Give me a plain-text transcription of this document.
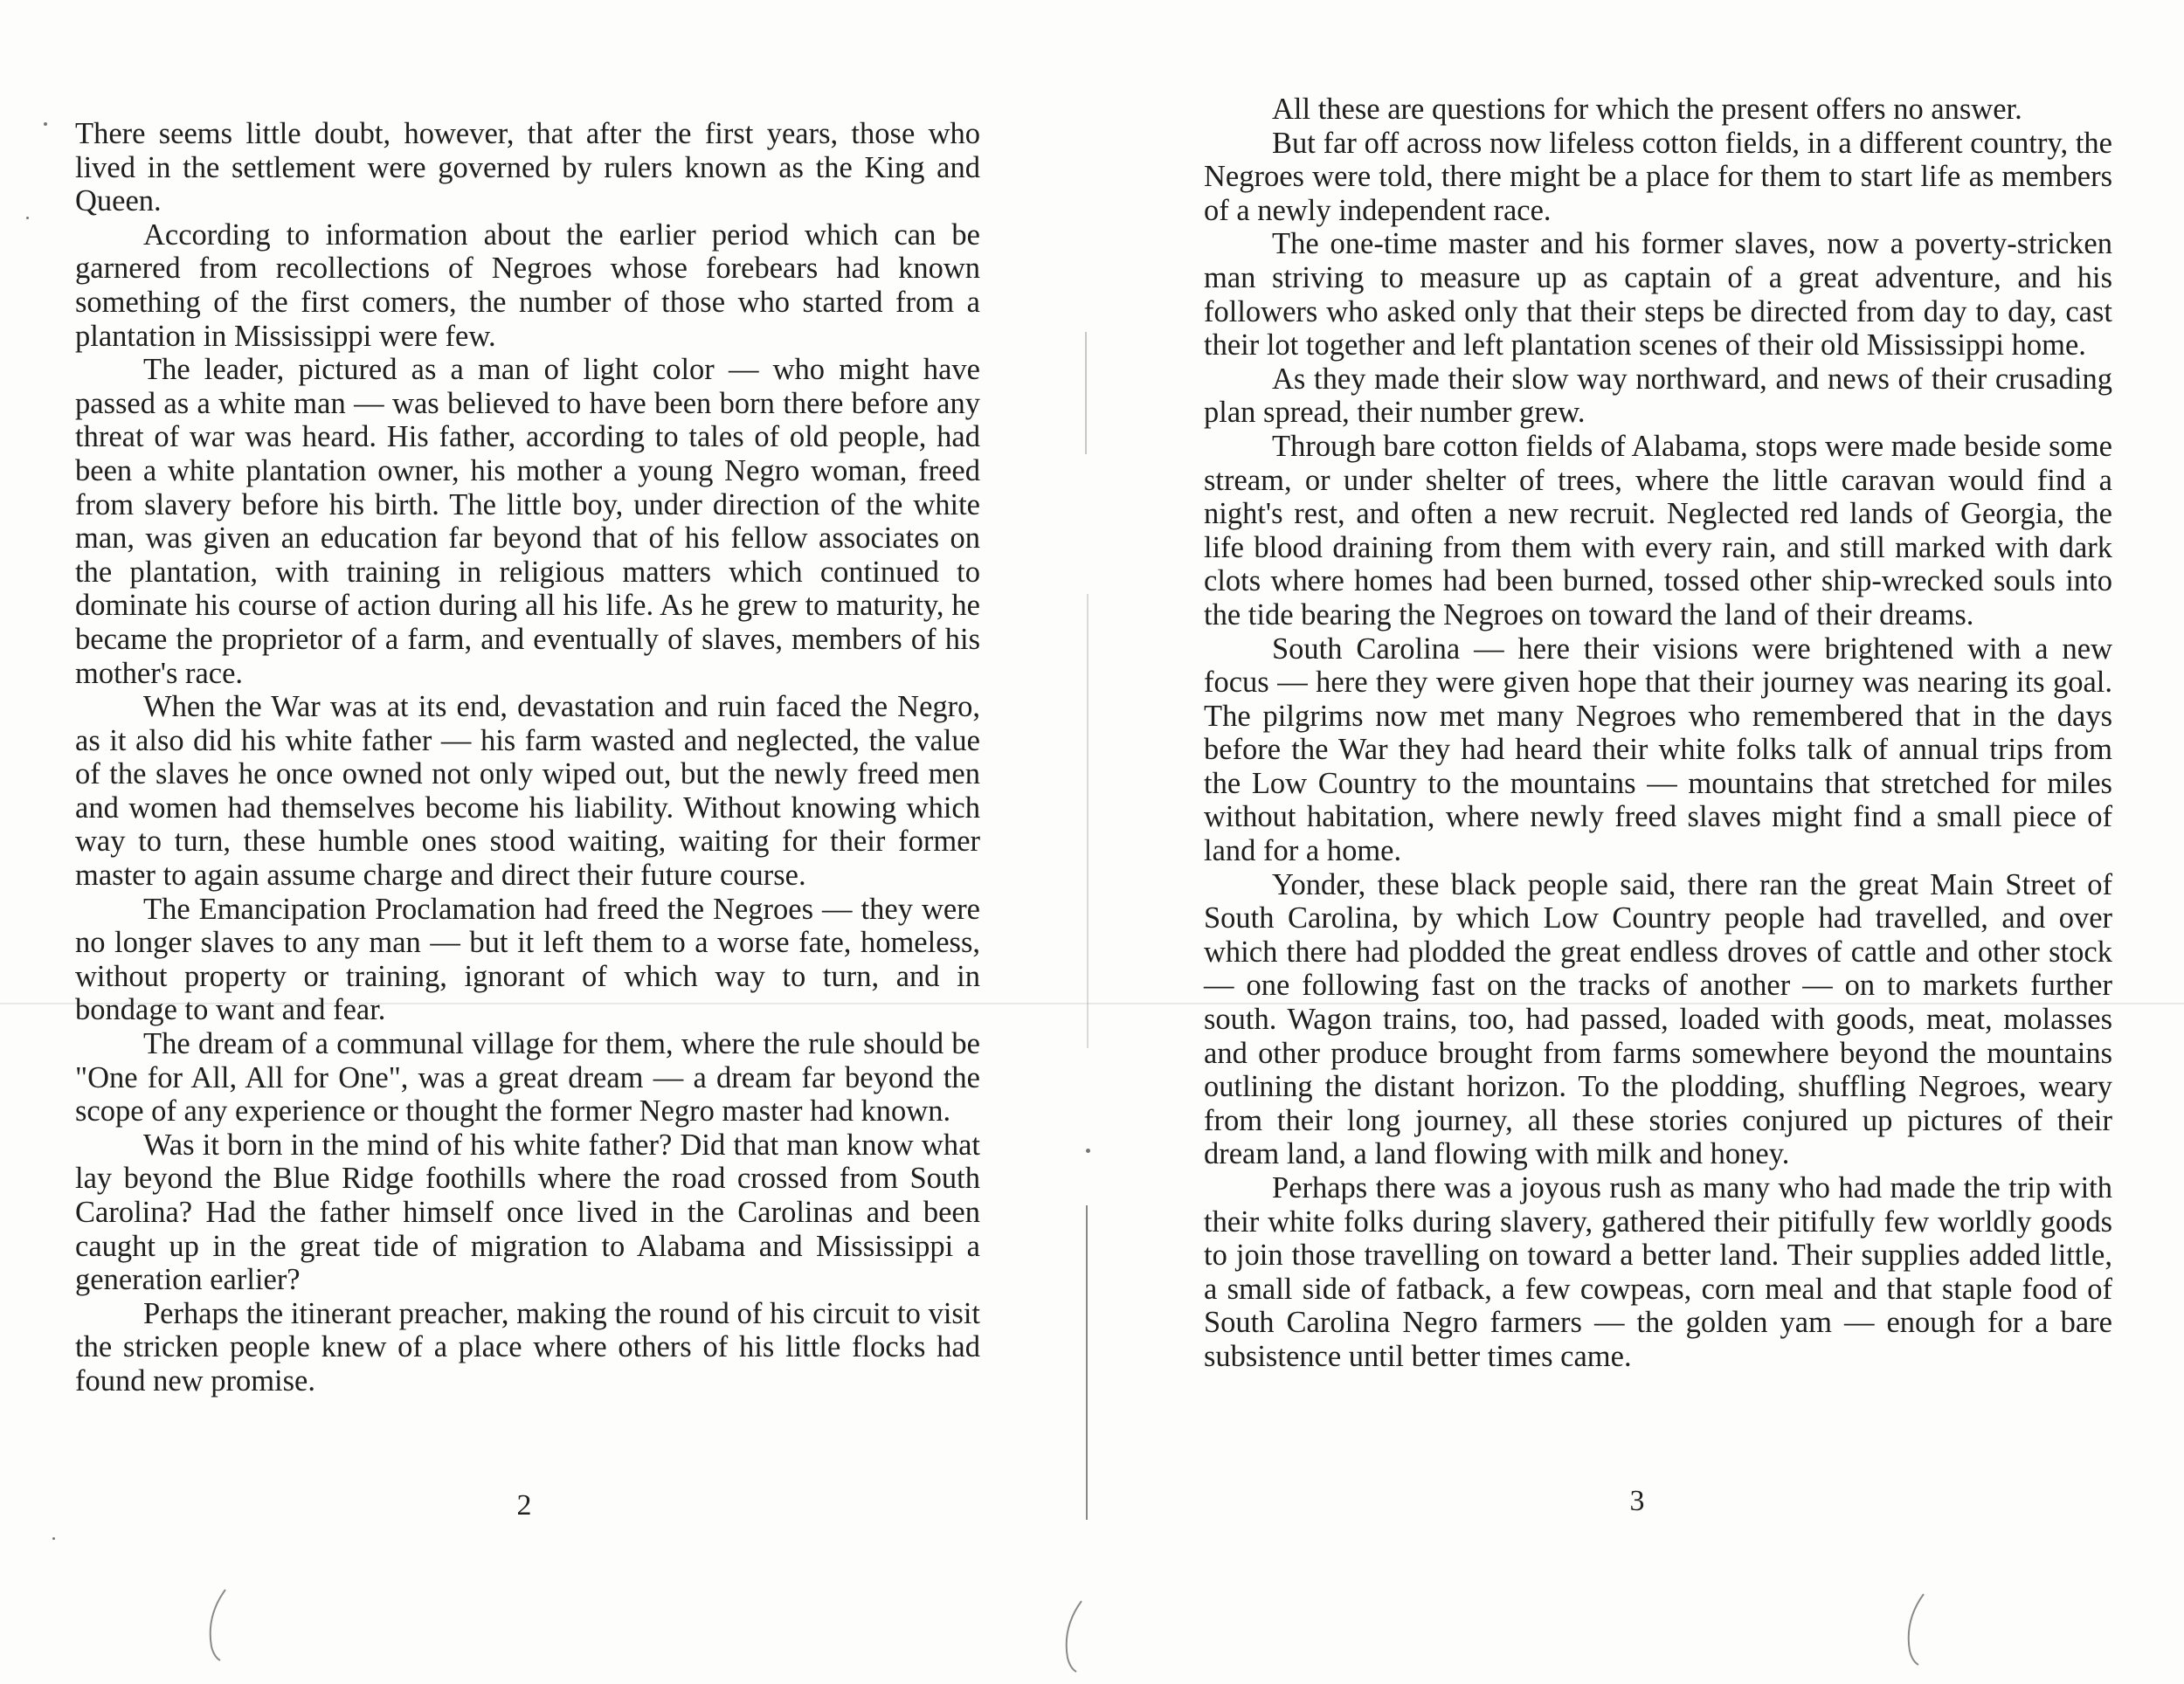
There seems little doubt, however, that after the first years, those who lived in the settlement were governed by rulers known as the King and Queen.

According to information about the earlier period which can be garnered from recollections of Negroes whose forebears had known something of the first comers, the number of those who started from a plantation in Mississippi were few.

The leader, pictured as a man of light color — who might have passed as a white man — was believed to have been born there before any threat of war was heard. His father, according to tales of old people, had been a white plantation owner, his mother a young Negro woman, freed from slavery before his birth. The little boy, under direction of the white man, was given an education far beyond that of his fellow associates on the plantation, with training in religious matters which continued to dominate his course of action during all his life. As he grew to maturity, he became the proprietor of a farm, and eventually of slaves, members of his mother's race.

When the War was at its end, devastation and ruin faced the Negro, as it also did his white father — his farm wasted and neglected, the value of the slaves he once owned not only wiped out, but the newly freed men and women had themselves become his liability. Without knowing which way to turn, these humble ones stood waiting, waiting for their former master to again assume charge and direct their future course.

The Emancipation Proclamation had freed the Negroes — they were no longer slaves to any man — but it left them to a worse fate, homeless, without property or training, ignorant of which way to turn, and in bondage to want and fear.

The dream of a communal village for them, where the rule should be "One for All, All for One", was a great dream — a dream far beyond the scope of any experience or thought the former Negro master had known.

Was it born in the mind of his white father? Did that man know what lay beyond the Blue Ridge foothills where the road crossed from South Carolina? Had the father himself once lived in the Carolinas and been caught up in the great tide of migration to Alabama and Mississippi a generation earlier?

Perhaps the itinerant preacher, making the round of his circuit to visit the stricken people knew of a place where others of his little flocks had found new promise.

2

All these are questions for which the present offers no answer.

But far off across now lifeless cotton fields, in a different country, the Negroes were told, there might be a place for them to start life as members of a newly independent race.

The one-time master and his former slaves, now a poverty-stricken man striving to measure up as captain of a great adventure, and his followers who asked only that their steps be directed from day to day, cast their lot together and left plantation scenes of their old Mississippi home.

As they made their slow way northward, and news of their crusading plan spread, their number grew.

Through bare cotton fields of Alabama, stops were made beside some stream, or under shelter of trees, where the little caravan would find a night's rest, and often a new recruit. Neglected red lands of Georgia, the life blood draining from them with every rain, and still marked with dark clots where homes had been burned, tossed other ship-wrecked souls into the tide bearing the Negroes on toward the land of their dreams.

South Carolina — here their visions were brightened with a new focus — here they were given hope that their journey was nearing its goal. The pilgrims now met many Negroes who remembered that in the days before the War they had heard their white folks talk of annual trips from the Low Country to the mountains — mountains that stretched for miles without habitation, where newly freed slaves might find a small piece of land for a home.

Yonder, these black people said, there ran the great Main Street of South Carolina, by which Low Country people had travelled, and over which there had plodded the great endless droves of cattle and other stock — one following fast on the tracks of another — on to markets further south. Wagon trains, too, had passed, loaded with goods, meat, molasses and other produce brought from farms somewhere beyond the mountains outlining the distant horizon. To the plodding, shuffling Negroes, weary from their long journey, all these stories conjured up pictures of their dream land, a land flowing with milk and honey.

Perhaps there was a joyous rush as many who had made the trip with their white folks during slavery, gathered their pitifully few worldly goods to join those travelling on toward a better land. Their supplies added little, a small side of fatback, a few cowpeas, corn meal and that staple food of South Carolina Negro farmers — the golden yam — enough for a bare subsistence until better times came.

3
